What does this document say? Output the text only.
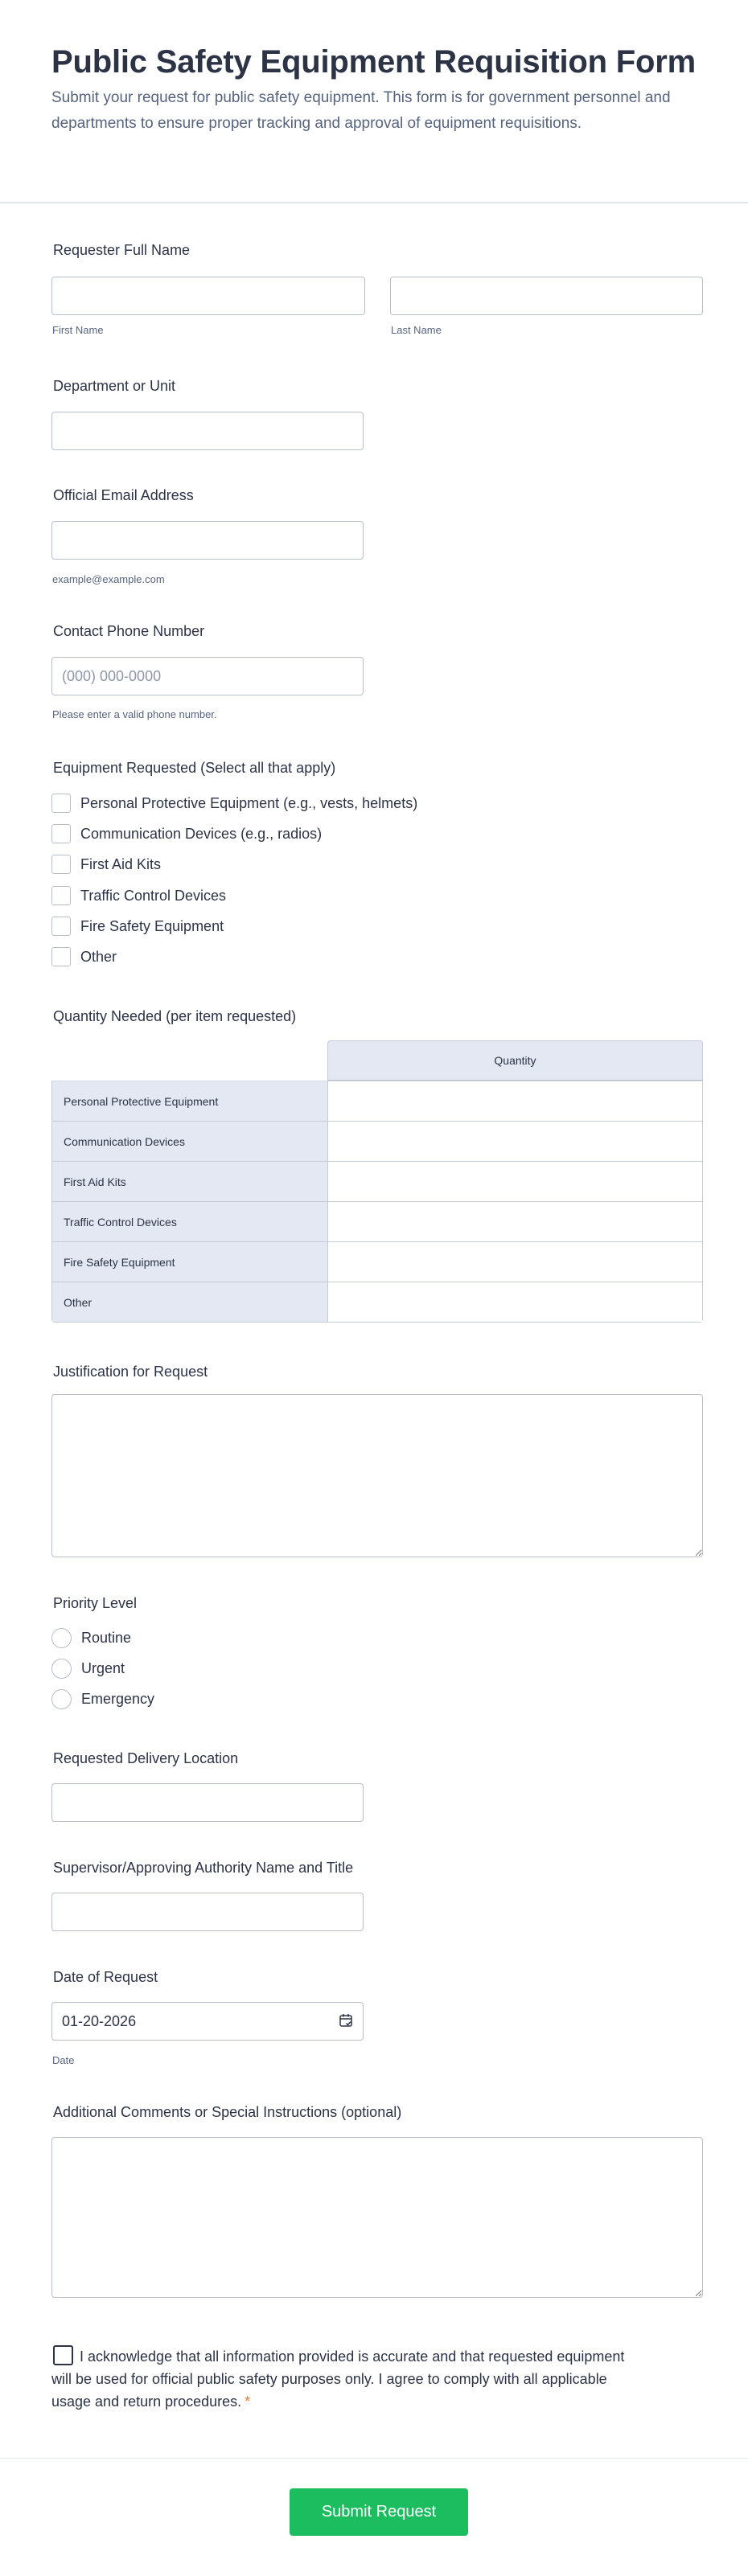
Public Safety Equipment Requisition Form

Submit your request for public safety equipment. This form is for government personnel and departments to ensure proper tracking and approval of equipment requisitions.

Requester Full Name
First Name	Last Name
Department or Unit
Official Email Address
example@example.com
Contact Phone Number
(000) 000-0000
Please enter a valid phone number.
Equipment Requested (Select all that apply)
Personal Protective Equipment (e.g., vests, helmets)
Communication Devices (e.g., radios)
First Aid Kits
Traffic Control Devices
Fire Safety Equipment
Other
Quantity Needed (per item requested)
Quantity
Personal Protective Equipment
Communication Devices
First Aid Kits
Traffic Control Devices
Fire Safety Equipment
Other
Justification for Request
Priority Level
Routine
Urgent
Emergency
Requested Delivery Location
Supervisor/Approving Authority Name and Title
Date of Request
01-20-2026
Date
Additional Comments or Special Instructions (optional)
I acknowledge that all information provided is accurate and that requested equipment will be used for official public safety purposes only. I agree to comply with all applicable usage and return procedures. *
Submit Request
